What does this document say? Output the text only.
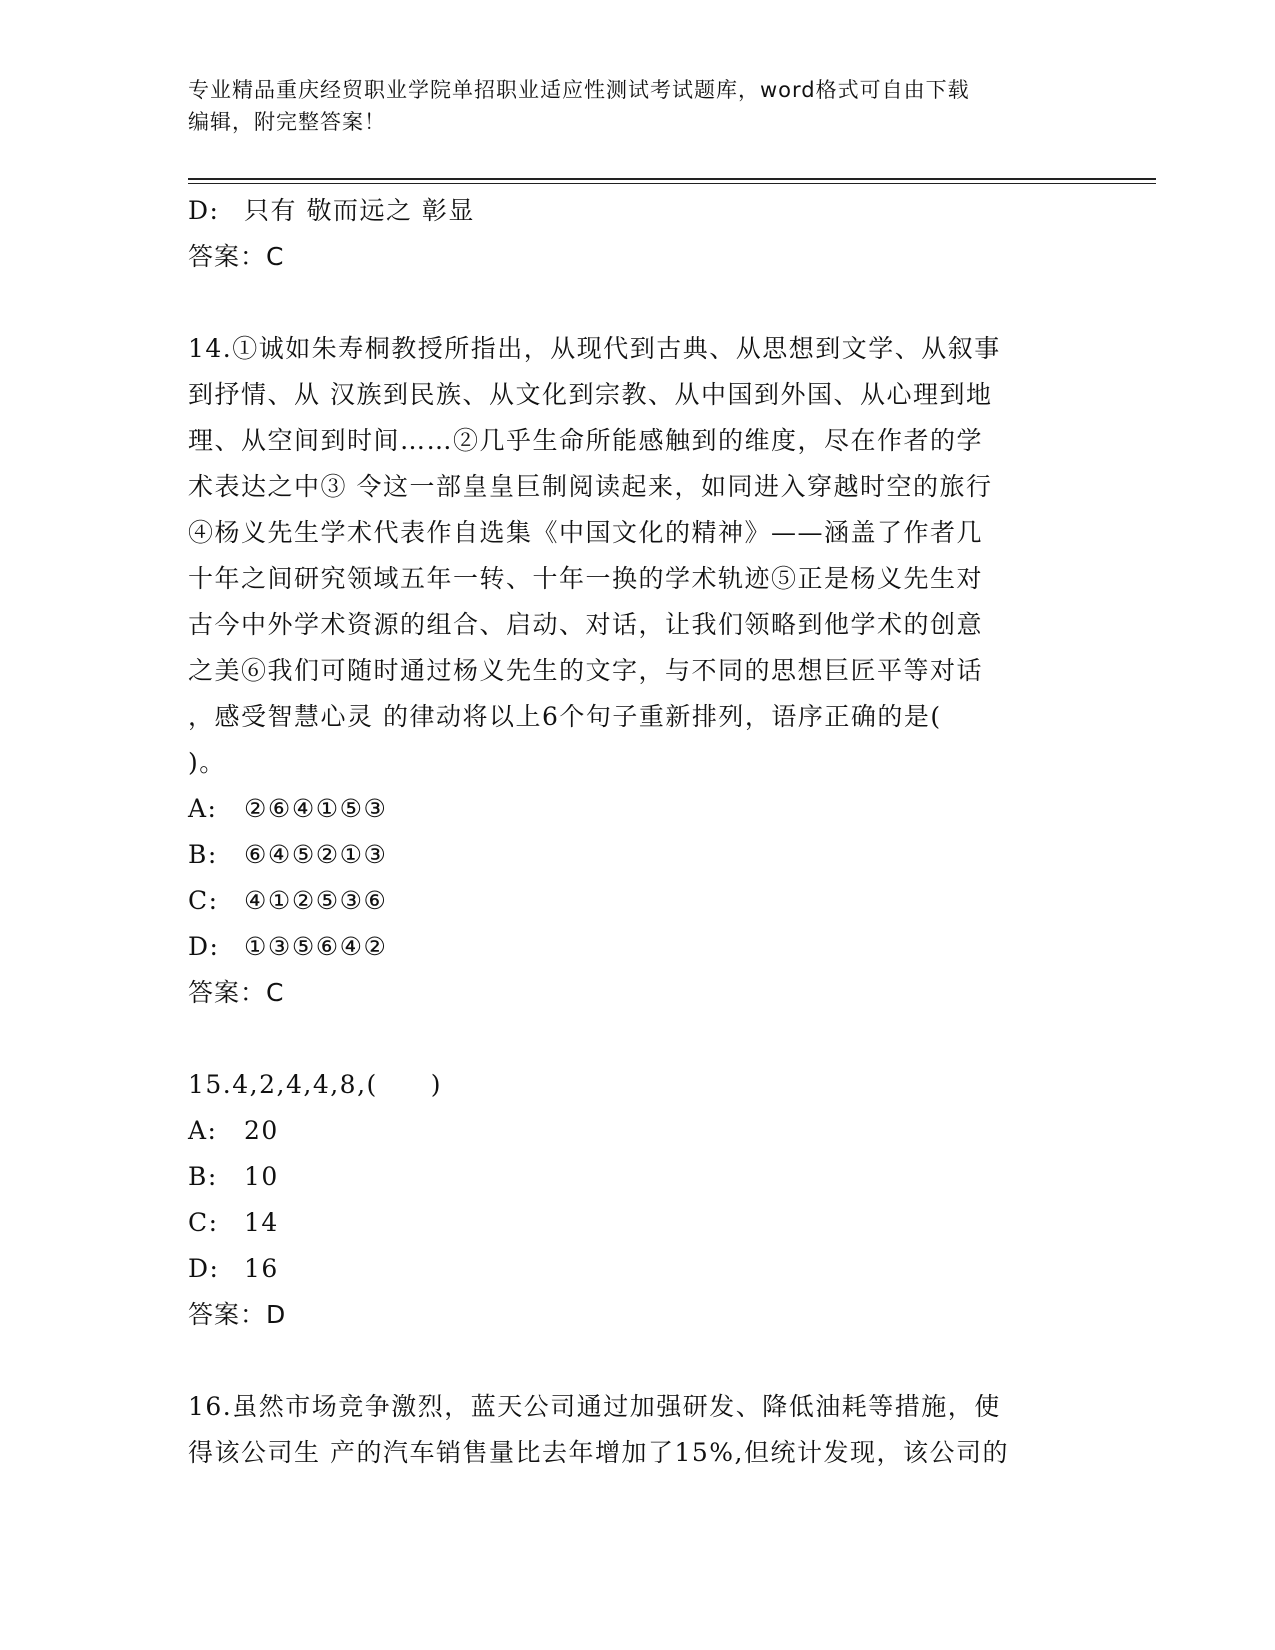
专业精品重庆经贸职业学院单招职业适应性测试考试题库，word格式可自由下载
编辑，附完整答案！
D: 只有 敬而远之 彰显
答案：C
14.①诚如朱寿桐教授所指出，从现代到古典、从思想到文学、从叙事
到抒情、从 汉族到民族、从文化到宗教、从中国到外国、从心理到地
理、从空间到时间……②几乎生命所能感触到的维度，尽在作者的学
术表达之中③ 令这一部皇皇巨制阅读起来，如同进入穿越时空的旅行
④杨义先生学术代表作自选集《中国文化的精神》——涵盖了作者几
十年之间研究领域五年一转、十年一换的学术轨迹⑤正是杨义先生对
古今中外学术资源的组合、启动、对话，让我们领略到他学术的创意
之美⑥我们可随时通过杨义先生的文字，与不同的思想巨匠平等对话
，感受智慧心灵 的律动将以上6个句子重新排列，语序正确的是(
)。
A: ②⑥④①⑤③
B: ⑥④⑤②①③
C: ④①②⑤③⑥
D: ①③⑤⑥④②
答案：C
15.4,2,4,4,8,(　　)
A: 20
B: 10
C: 14
D: 16
答案：D
16.虽然市场竞争激烈，蓝天公司通过加强研发、降低油耗等措施，使
得该公司生 产的汽车销售量比去年增加了15%,但统计发现，该公司的
